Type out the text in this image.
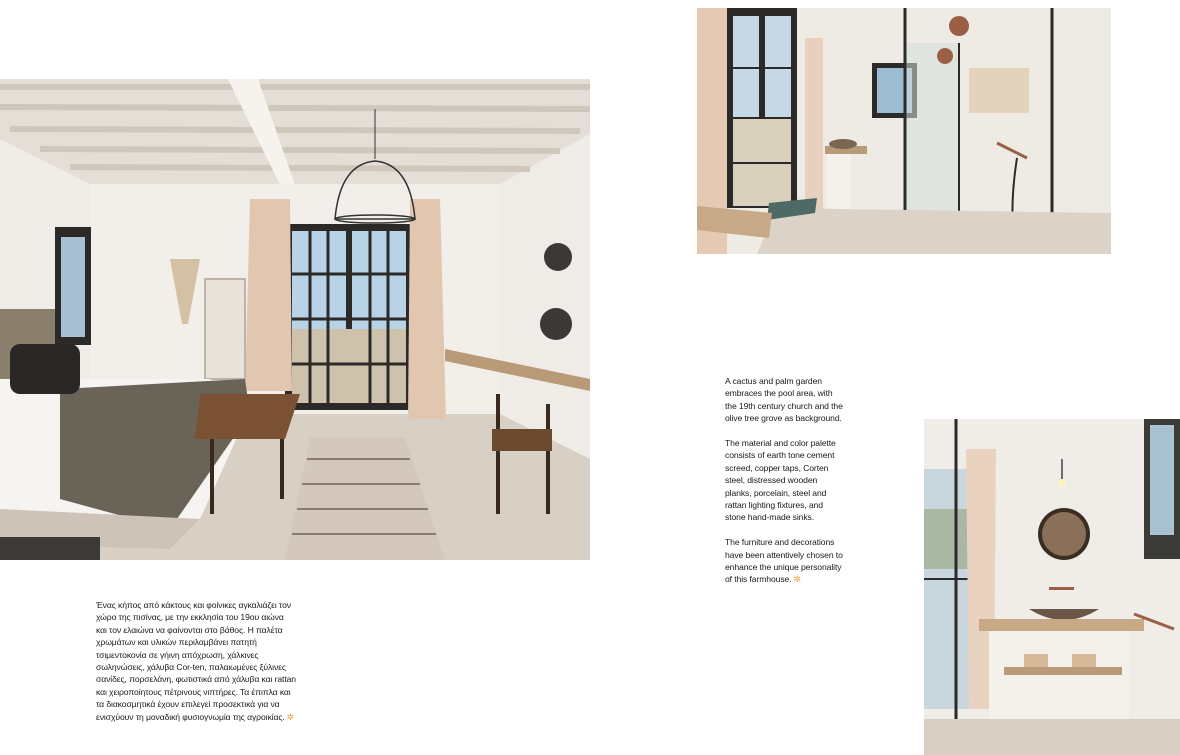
Ένας κήπος από κάκτους και φοίνικες αγκαλιάζει τον χώρο της πισίνας, με την εκκλησία του 19ου αιώνα και τον ελαιώνα να φαίνονται στο βάθος. Η παλέτα χρωμάτων και υλικών περιλαμβάνει πατητή τσιμεντοκονία σε γήινη απόχρωση, χάλκινες σωληνώσεις, χάλυβα Cor-ten, παλαιωμένες ξύλινες σανίδες, πορσελάνη, φωτιστικά από χάλυβα και rattan και χειροποίητους πέτρινους νιπτήρες. Τα έπιπλα και τα διακοσμητικά έχουν επιλεγεί προσεκτικά για να ενισχύουν τη μοναδική φυσιογνωμία της αγροικίας. ✲

A cactus and palm garden embraces the pool area, with the 19th century church and the olive tree grove as background.

The material and color palette consists of earth tone cement screed, copper taps, Corten steel, distressed wooden planks, porcelain, steel and rattan lighting fixtures, and stone hand-made sinks.

The furniture and decorations have been attentively chosen to enhance the unique personality of this farmhouse. ✲
